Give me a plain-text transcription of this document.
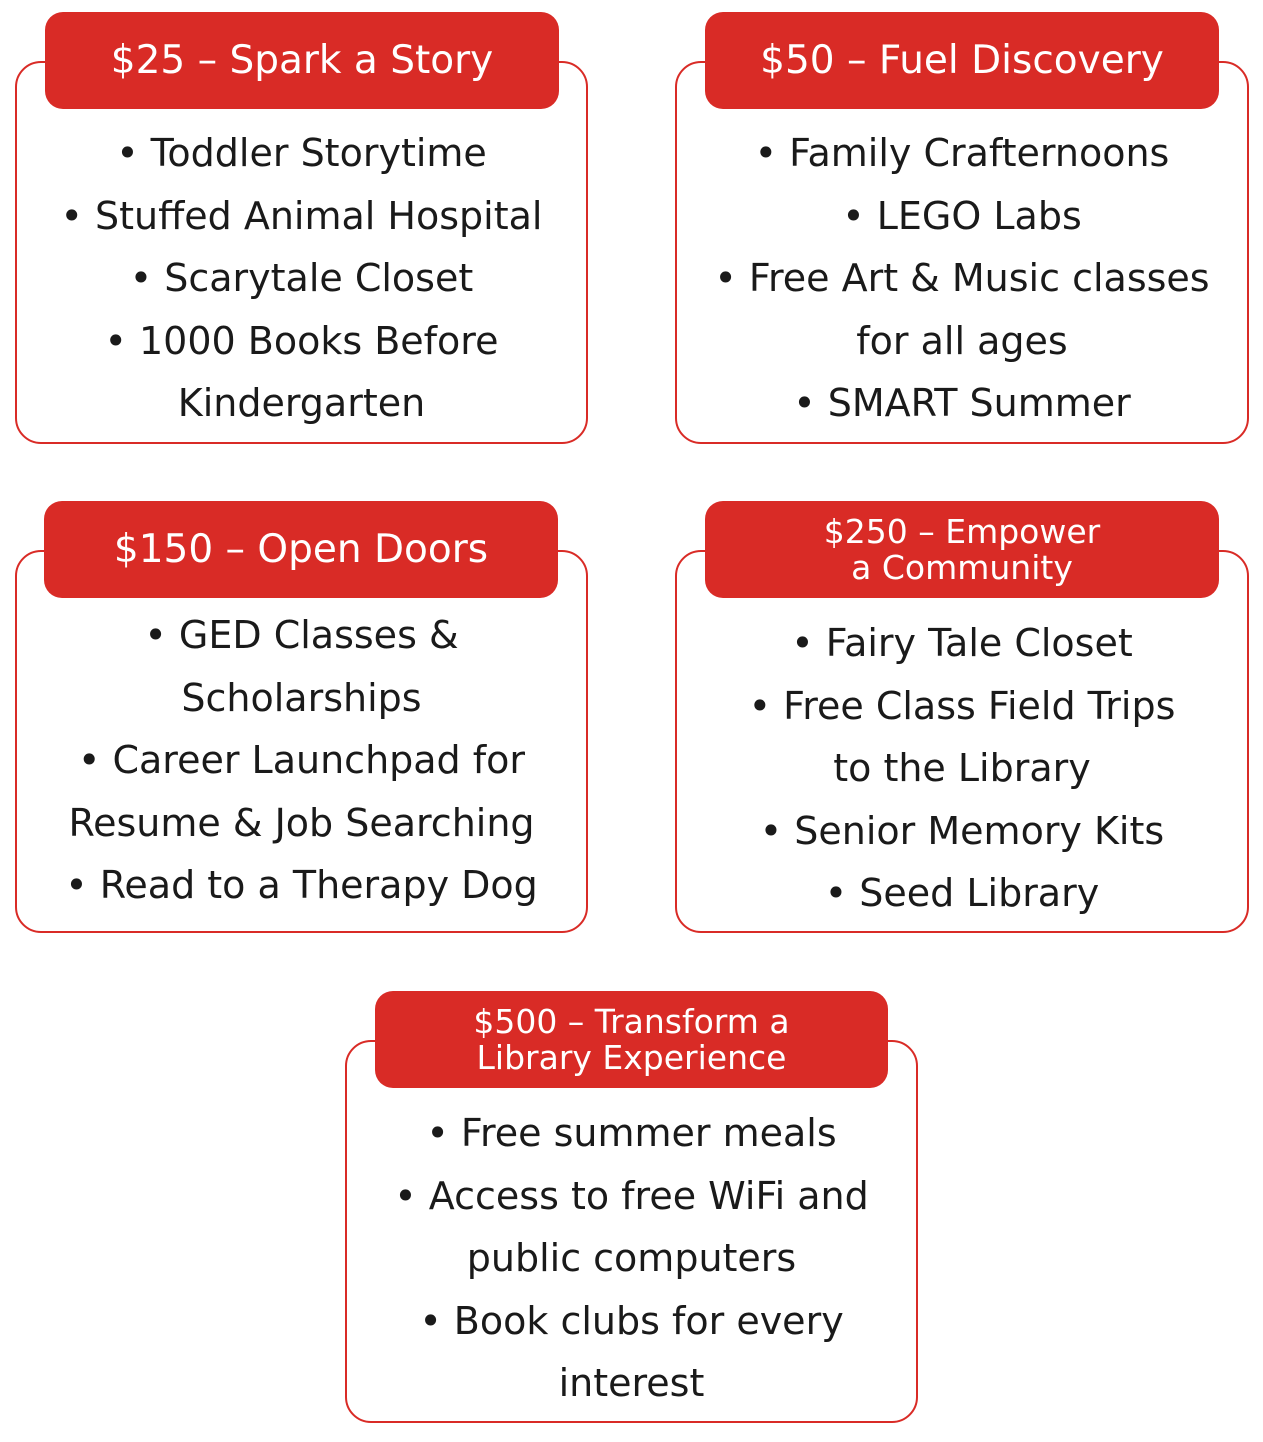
$25 – Spark a Story
• Toddler Storytime
• Stuffed Animal Hospital
• Scarytale Closet
• 1000 Books Before
Kindergarten
$50 – Fuel Discovery
• Family Crafternoons
• LEGO Labs
• Free Art & Music classes
for all ages
• SMART Summer
$150 – Open Doors
• GED Classes &
Scholarships
• Career Launchpad for
Resume & Job Searching
• Read to a Therapy Dog
$250 – Empower
a Community
• Fairy Tale Closet
• Free Class Field Trips
to the Library
• Senior Memory Kits
• Seed Library
$500 – Transform a
Library Experience
• Free summer meals
• Access to free WiFi and
public computers
• Book clubs for every
interest
